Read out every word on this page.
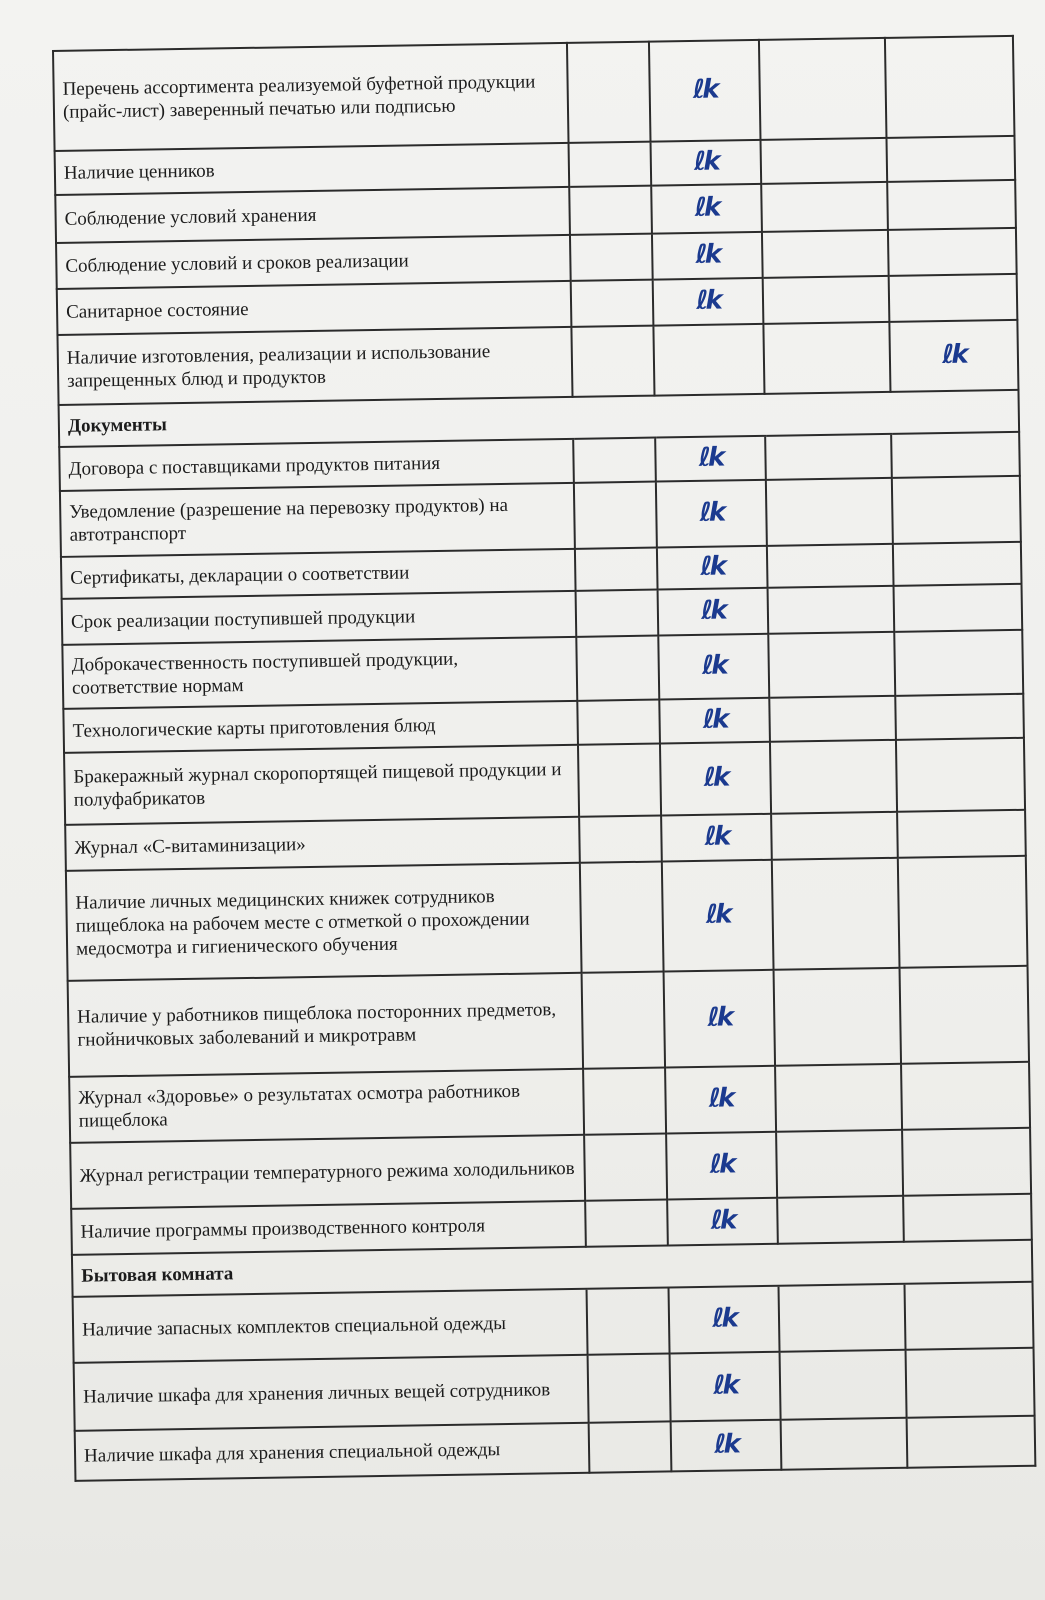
Перечень ассортимента реализуемой буфетной продукции (прайс-лист) заверенный печатью или подписью		ℓk		
Наличие ценников		ℓk		
Соблюдение условий хранения		ℓk		
Соблюдение условий и сроков реализации		ℓk		
Санитарное состояние		ℓk		
Наличие изготовления, реализации и использование запрещенных блюд и продуктов				ℓk
Документы				
Договора с поставщиками продуктов питания		ℓk		
Уведомление (разрешение на перевозку продуктов) на автотранспорт		ℓk		
Сертификаты, декларации о соответствии		ℓk		
Срок реализации поступившей продукции		ℓk		
Доброкачественность поступившей продукции, соответствие нормам		ℓk		
Технологические карты приготовления блюд		ℓk		
Бракеражный журнал скоропортящей пищевой продукции и полуфабрикатов		ℓk		
Журнал «С-витаминизации»		ℓk		
Наличие личных медицинских книжек сотрудников пищеблока на рабочем месте с отметкой о прохождении медосмотра и гигиенического обучения		ℓk		
Наличие у работников пищеблока посторонних предметов, гнойничковых заболеваний и микротравм		ℓk		
Журнал «Здоровье» о результатах осмотра работников пищеблока		ℓk		
Журнал регистрации температурного режима холодильников		ℓk		
Наличие программы производственного контроля		ℓk		
Бытовая комната				
Наличие запасных комплектов специальной одежды		ℓk		
Наличие шкафа для хранения личных вещей сотрудников		ℓk		
Наличие шкафа для хранения специальной одежды		ℓk		
